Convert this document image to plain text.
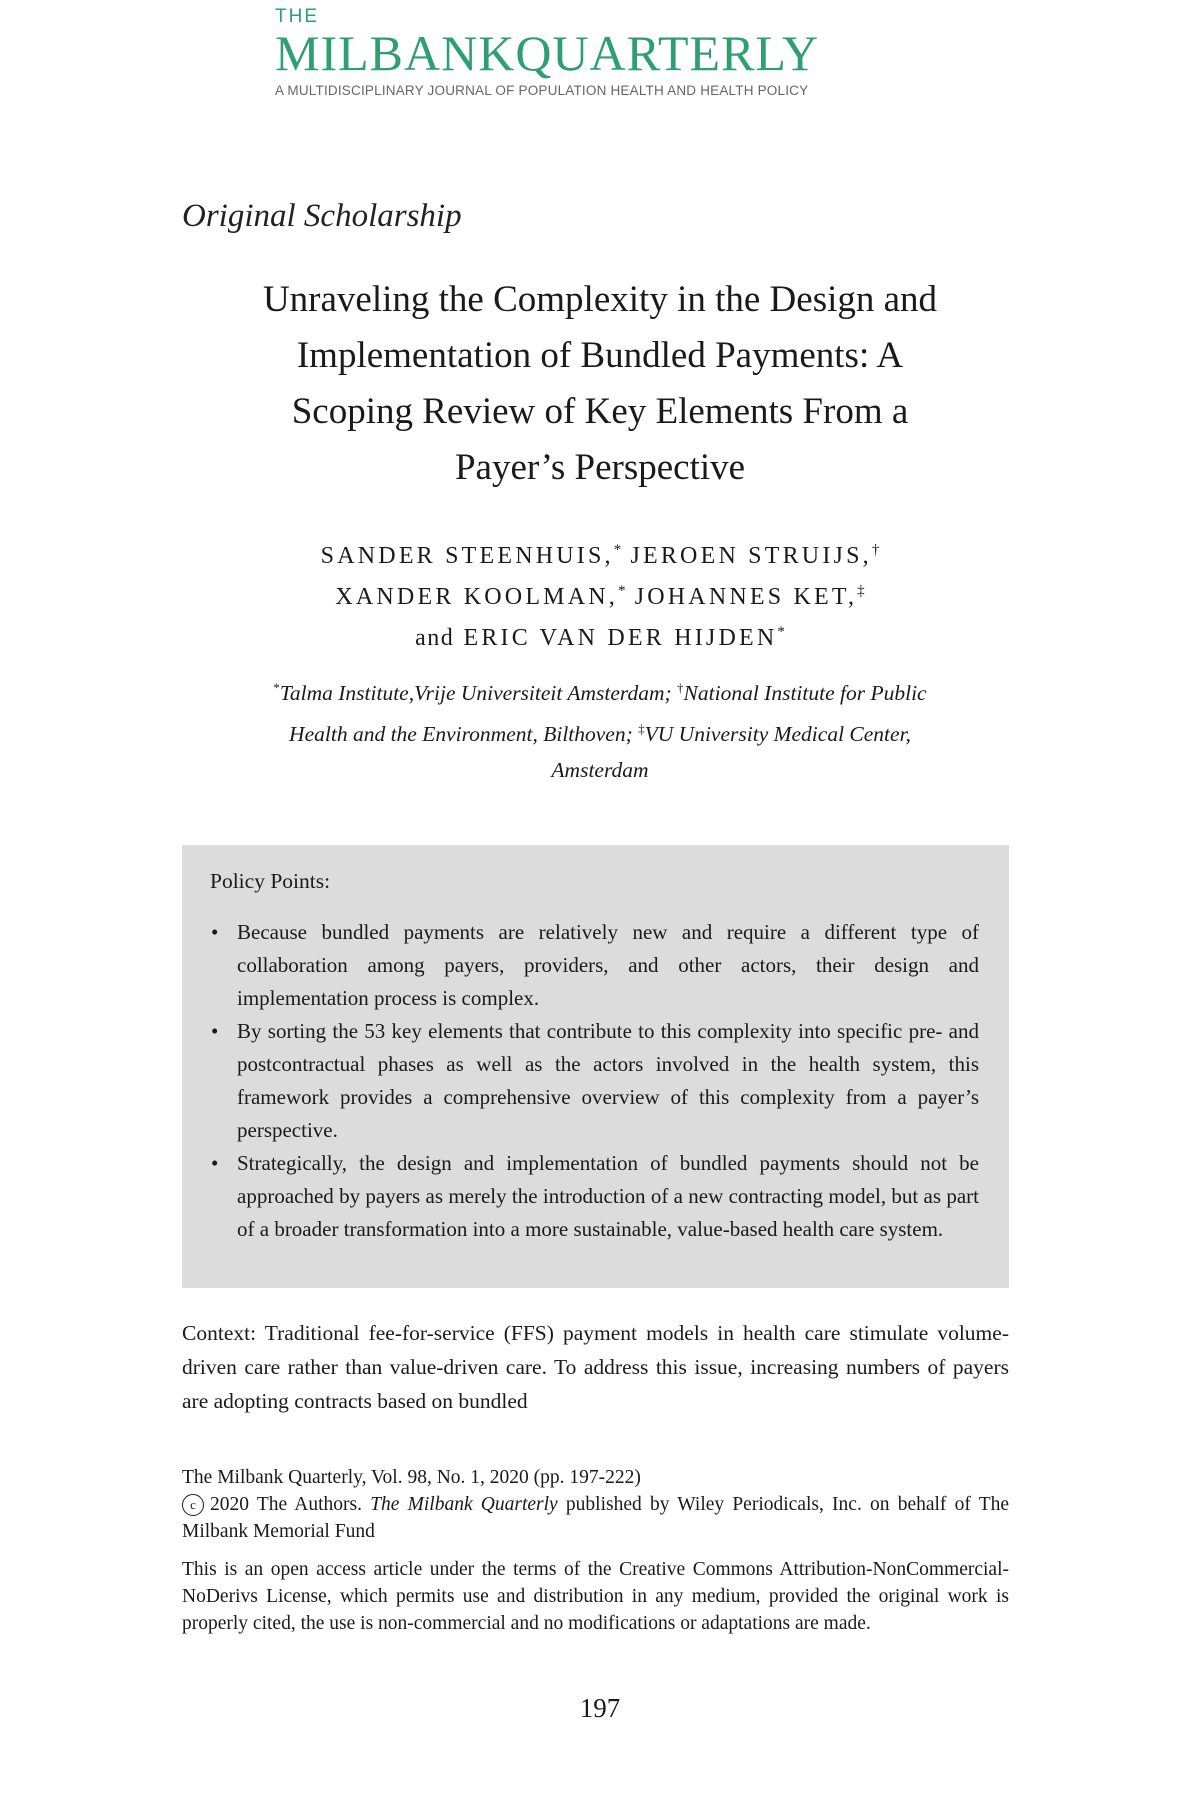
THE
MILBANKQUARTERLY
A MULTIDISCIPLINARY JOURNAL OF POPULATION HEALTH AND HEALTH POLICY
Original Scholarship
Unraveling the Complexity in the Design and
Implementation of Bundled Payments: A
Scoping Review of Key Elements From a
Payer’s Perspective
SANDER STEENHUIS,* JEROEN STRUIJS,†
XANDER KOOLMAN,* JOHANNES KET,‡
and ERIC VAN DER HIJDEN*
*Talma Institute,Vrije Universiteit Amsterdam; †National Institute for Public
Health and the Environment, Bilthoven; ‡VU University Medical Center,
Amsterdam
Policy Points:
• Because bundled payments are relatively new and require a different type of collaboration among payers, providers, and other actors, their design and implementation process is complex.
• By sorting the 53 key elements that contribute to this complexity into specific pre- and postcontractual phases as well as the actors involved in the health system, this framework provides a comprehensive overview of this complexity from a payer’s perspective.
• Strategically, the design and implementation of bundled payments should not be approached by payers as merely the introduction of a new contracting model, but as part of a broader transformation into a more sustainable, value-based health care system.

Context: Traditional fee-for-service (FFS) payment models in health care stimulate volume-driven care rather than value-driven care. To address this issue, increasing numbers of payers are adopting contracts based on bundled

The Milbank Quarterly, Vol. 98, No. 1, 2020 (pp. 197-222)

c 2020 The Authors. The Milbank Quarterly published by Wiley Periodicals, Inc. on behalf of The Milbank Memorial Fund

This is an open access article under the terms of the Creative Commons Attribution-NonCommercial-NoDerivs License, which permits use and distribution in any medium, provided the original work is properly cited, the use is non-commercial and no modifications or adaptations are made.

197
